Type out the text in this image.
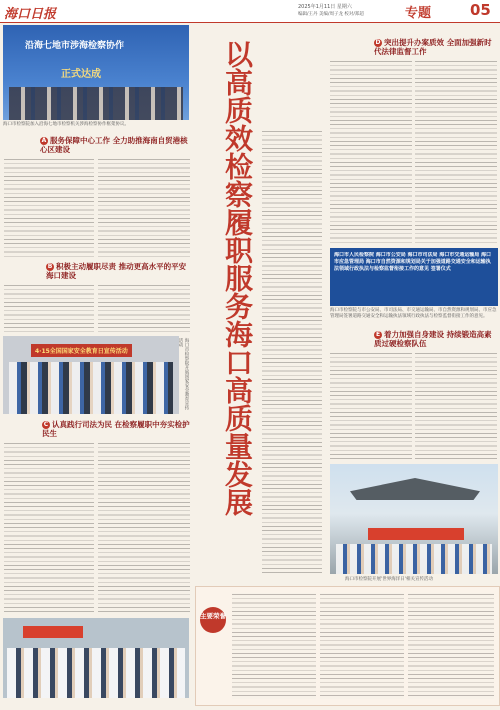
海口日报	2025年1月11日 星期六
编辑/王丹 美编/周子龙 校对/郑超	专题	05
沿海七地市涉海检察协作
正式达成
海口市检察院加入沿海七地市检察机关涉海检察协作框架协议。
A 服务保障中心工作 全力助推海南自贸港核心区建设
B 积极主动履职尽责 推动更高水平的平安海口建设
4·15全国国家安全教育日宣传活动	海口市检察院开展国家安全教育宣传活动
C 认真践行司法为民 在检察履职中夯实检护民生	以高质效检察履职服务海口高质量发展	D 突出提升办案质效 全面加强新时代法律监督工作
海口市人民检察院 海口市公安局 海口市司法局 海口市交通运输局 海口市应急管理局 海口市自然资源和规划局关于加强道路交通安全和运输执法领域行政执法与检察监督衔接工作的意见 签署仪式
海口市检察院与市公安局、市司法局、市交通运输局、市自然资源和规划局、市应急管理局签署道路交通安全和运输执法领域行政执法与检察监督衔接工作的意见。
E 着力加强自身建设 持续锻造高素质过硬检察队伍
海口市检察院开展'世界海洋日'相关宣传活动
主要荣誉
